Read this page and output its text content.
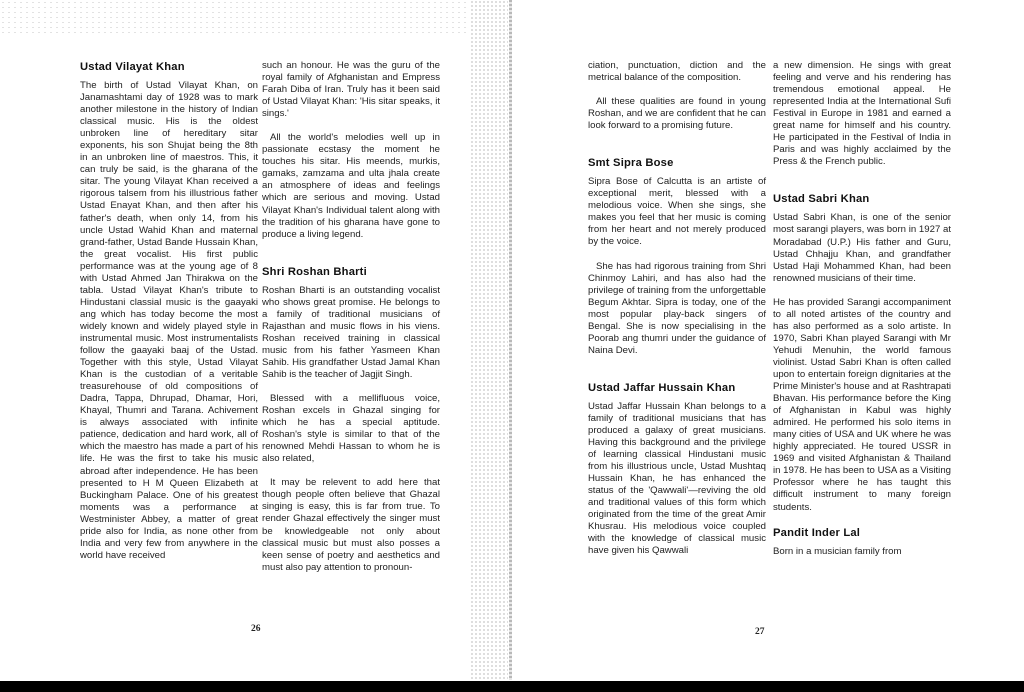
Ustad Vilayat Khan

The birth of Ustad Vilayat Khan, on Janamashtami day of 1928 was to mark another milestone in the history of Indian classical music. His is the oldest unbroken line of hereditary sitar exponents, his son Shujat being the 8th in an unbroken line of maestros. This, it can truly be said, is the gharana of the sitar. The young Vilayat Khan received a rigorous talsem from his illustrious father Ustad Enayat Khan, and then after his father's death, when only 14, from his uncle Ustad Wahid Khan and maternal grand-father, Ustad Bande Hussain Khan, the great vocalist. His first public performance was at the young age of 8 with Ustad Ahmed Jan Thirakwa on the tabla. Ustad Vilayat Khan's tribute to Hindustani classial music is the gaayaki ang which has today become the most widely known and widely played style in instrumental music. Most instrumentalists follow the gaayaki baaj of the Ustad. Together with this style, Ustad Vilayat Khan is the custodian of a veritable treasurehouse of old compositions of Dadra, Tappa, Dhrupad, Dhamar, Hori, Khayal, Thumri and Tarana. Achivement is always associated with infinite patience, dedication and hard work, all of which the maestro has made a part of his life. He was the first to take his music abroad after independence. He has been presented to H M Queen Elizabeth at Buckingham Palace. One of his greatest moments was a performance at Westminister Abbey, a matter of great pride also for India, as none other from India and very few from anywhere in the world have received

such an honour. He was the guru of the royal family of Afghanistan and Empress Farah Diba of Iran. Truly has it been said of Ustad Vilayat Khan: 'His sitar speaks, it sings.'

All the world's melodies well up in passionate ecstasy the moment he touches his sitar. His meends, murkis, gamaks, zamzama and ulta jhala create an atmosphere of ideas and feelings which are serious and moving. Ustad Vilayat Khan's Individual talent along with the tradition of his gharana have gone to produce a living legend.

Shri Roshan Bharti

Roshan Bharti is an outstanding vocalist who shows great promise. He belongs to a family of traditional musicians of Rajasthan and music flows in his viens. Roshan received training in classical music from his father Yasmeen Khan Sahib. His grandfather Ustad Jamal Khan Sahib is the teacher of Jagjit Singh.

Blessed with a mellifluous voice, Roshan excels in Ghazal singing for which he has a special aptitude. Roshan's style is similar to that of the renowned Mehdi Hassan to whom he is also related,

It may be relevent to add here that though people often believe that Ghazal singing is easy, this is far from true. To render Ghazal effectively the singer must be knowledgeable not only about classical music but must also posses a keen sense of poetry and aesthetics and must also pay attention to pronoun-

26

ciation, punctuation, diction and the metrical balance of the composition.

All these qualities are found in young Roshan, and we are confident that he can look forward to a promising future.

Smt Sipra Bose

Sipra Bose of Calcutta is an artiste of exceptional merit, blessed with a melodious voice. When she sings, she makes you feel that her music is coming from her heart and not merely produced by the voice.

She has had rigorous training from Shri Chinmoy Lahiri, and has also had the privilege of training from the unforgettable Begum Akhtar. Sipra is today, one of the most popular play-back singers of Bengal. She is now specialising in the Poorab ang thumri under the guidance of Naina Devi.

Ustad Jaffar Hussain Khan

Ustad Jaffar Hussain Khan belongs to a family of traditional musicians that has produced a galaxy of great musicians. Having this background and the privilege of learning classical Hindustani music from his illustrious uncle, Ustad Mushtaq Hussain Khan, he has enhanced the status of the 'Qawwali'—reviving the old and traditional values of this form which originated from the time of the great Amir Khusrau. His melodious voice coupled with the knowledge of classical music have given his Qawwali

a new dimension. He sings with great feeling and verve and his rendering has tremendous emotional appeal. He represented India at the International Sufi Festival in Europe in 1981 and earned a great name for himself and his country. He participated in the Festival of India in Paris and was highly acclaimed by the Press & the French public.

Ustad Sabri Khan

Ustad Sabri Khan, is one of the senior most sarangi players, was born in 1927 at Moradabad (U.P.) His father and Guru, Ustad Chhajju Khan, and grandfather Ustad Haji Mohammed Khan, had been renowned musicians of their time.

He has provided Sarangi accompaniment to all noted artistes of the country and has also performed as a solo artiste. In 1970, Sabri Khan played Sarangi with Mr Yehudi Menuhin, the world famous violinist. Ustad Sabri Khan is often called upon to entertain foreign dignitaries at the Prime Minister's house and at Rashtrapati Bhavan. His performance before the King of Afghanistan in Kabul was highly admired. He performed his solo items in many cities of USA and UK where he was highly appreciated. He toured USSR in 1969 and visited Afghanistan & Thailand in 1978. He has been to USA as a Visiting Professor where he has taught this difficult instrument to many foreign students.

Pandit Inder Lal

Born in a musician family from

27
